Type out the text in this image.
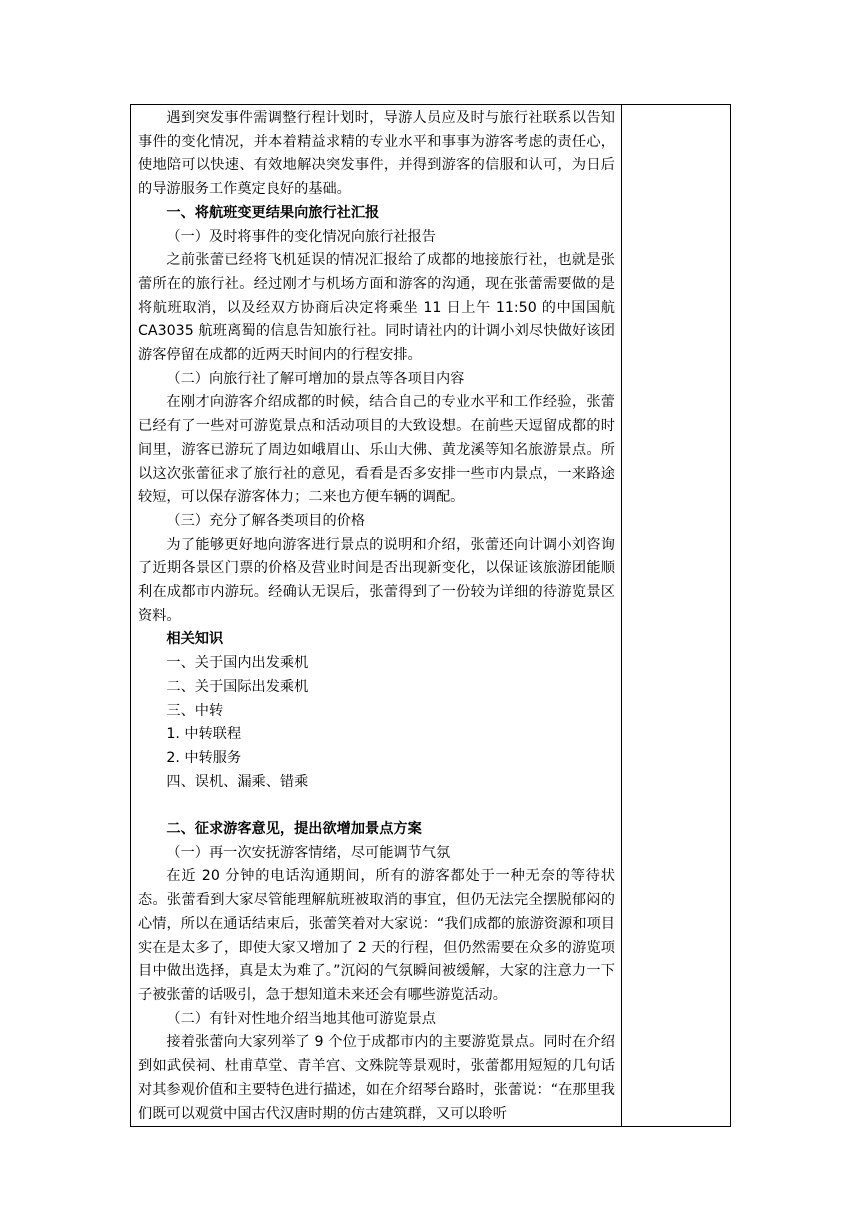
遇到突发事件需调整行程计划时，导游人员应及时与旅行社联系以告知事件的变化情况，并本着精益求精的专业水平和事事为游客考虑的责任心，使地陪可以快速、有效地解决突发事件，并得到游客的信服和认可，为日后的导游服务工作奠定良好的基础。

一、将航班变更结果向旅行社汇报

（一）及时将事件的变化情况向旅行社报告

之前张蕾已经将飞机延误的情况汇报给了成都的地接旅行社，也就是张蕾所在的旅行社。经过刚才与机场方面和游客的沟通，现在张蕾需要做的是将航班取消，以及经双方协商后决定将乘坐 11 日上午 11:50 的中国国航 CA3035 航班离蜀的信息告知旅行社。同时请社内的计调小刘尽快做好该团游客停留在成都的近两天时间内的行程安排。

（二）向旅行社了解可增加的景点等各项目内容

在刚才向游客介绍成都的时候，结合自己的专业水平和工作经验，张蕾已经有了一些对可游览景点和活动项目的大致设想。在前些天逗留成都的时间里，游客已游玩了周边如峨眉山、乐山大佛、黄龙溪等知名旅游景点。所以这次张蕾征求了旅行社的意见，看看是否多安排一些市内景点，一来路途较短，可以保存游客体力；二来也方便车辆的调配。

（三）充分了解各类项目的价格

为了能够更好地向游客进行景点的说明和介绍，张蕾还向计调小刘咨询了近期各景区门票的价格及营业时间是否出现新变化，以保证该旅游团能顺利在成都市内游玩。经确认无误后，张蕾得到了一份较为详细的待游览景区资料。

相关知识

一、关于国内出发乘机

二、关于国际出发乘机

三、中转

1. 中转联程

2. 中转服务

四、误机、漏乘、错乘

二、征求游客意见，提出欲增加景点方案

（一）再一次安抚游客情绪，尽可能调节气氛

在近 20 分钟的电话沟通期间，所有的游客都处于一种无奈的等待状态。张蕾看到大家尽管能理解航班被取消的事宜，但仍无法完全摆脱郁闷的心情，所以在通话结束后，张蕾笑着对大家说：“我们成都的旅游资源和项目实在是太多了，即使大家又增加了 2 天的行程，但仍然需要在众多的游览项目中做出选择，真是太为难了。”沉闷的气氛瞬间被缓解，大家的注意力一下子被张蕾的话吸引，急于想知道未来还会有哪些游览活动。

（二）有针对性地介绍当地其他可游览景点

接着张蕾向大家列举了 9 个位于成都市内的主要游览景点。同时在介绍到如武侯祠、杜甫草堂、青羊宫、文殊院等景观时，张蕾都用短短的几句话对其参观价值和主要特色进行描述，如在介绍琴台路时，张蕾说：“在那里我们既可以观赏中国古代汉唐时期的仿古建筑群，又可以聆听
